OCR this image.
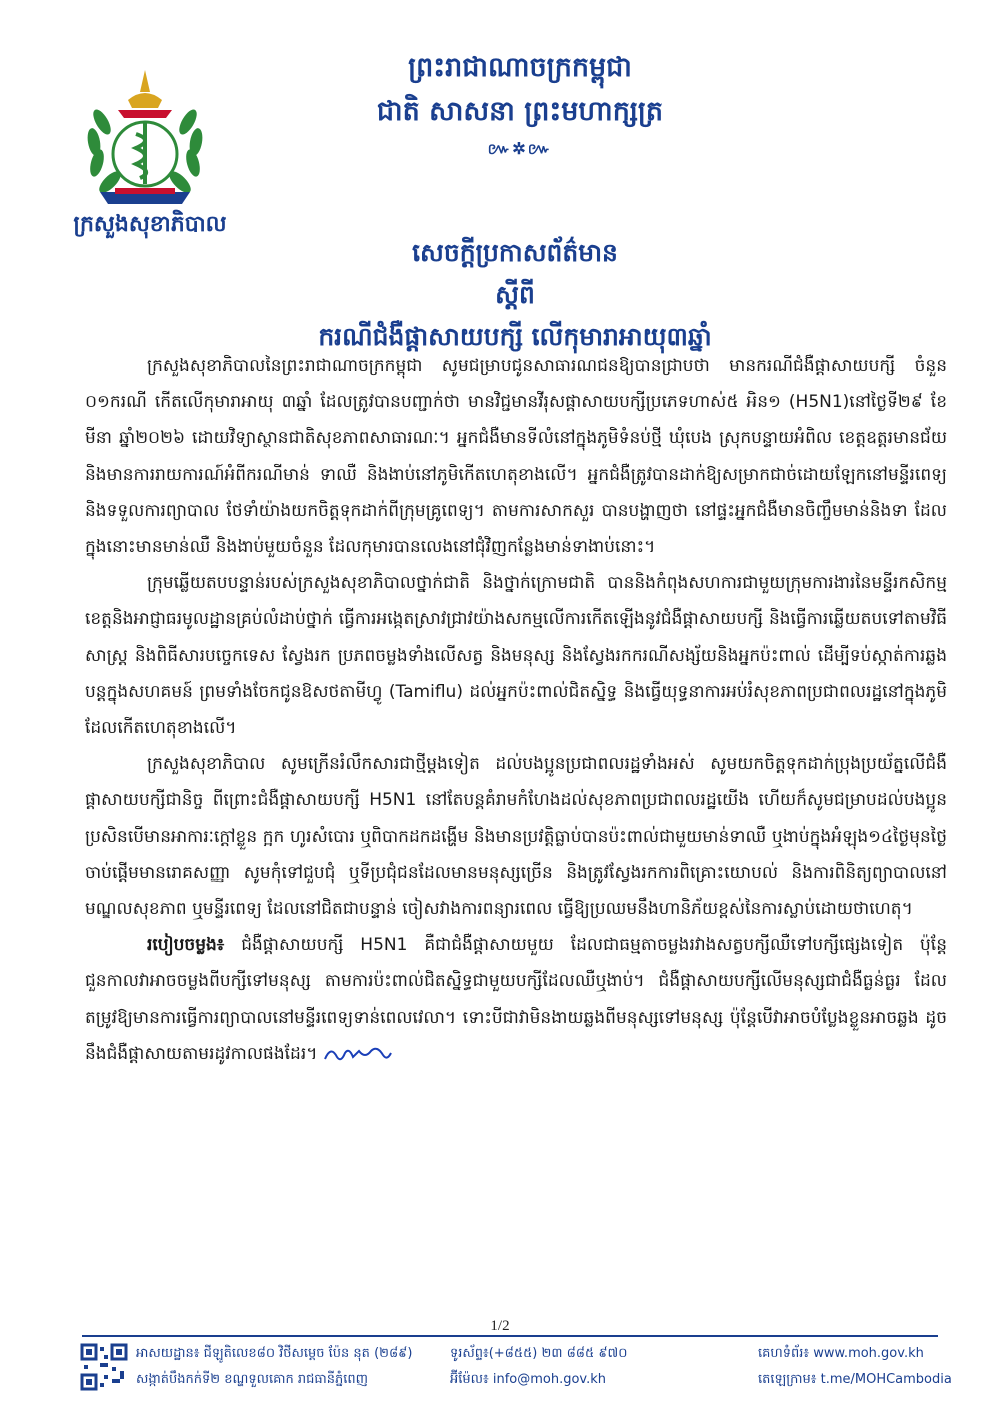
ក្រសួងសុខាភិបាល
ព្រះរាជាណាចក្រកម្ពុជា
ជាតិ សាសនា ព្រះមហាក្សត្រ
៚✲៚
សេចក្តីប្រកាសព័ត៌មាន
ស្តីពី
ករណីជំងឺផ្តាសាយបក្សី លើកុមារាអាយុ៣ឆ្នាំ

ក្រសួងសុខាភិបាលនៃព្រះរាជាណាចក្រកម្ពុជា សូមជម្រាបជូនសាធារណជនឱ្យបានជ្រាបថា មានករណីជំងឺផ្តាសាយបក្សី ចំនួន ០១ករណី កើតលើកុមារាអាយុ ៣ឆ្នាំ ដែលត្រូវបានបញ្ជាក់ថា មានវិជ្ជមានវីរុសផ្តាសាយបក្សីប្រភេទហាស់៥ អិន១ (H5N1)នៅថ្ងៃទី២៩ ខែមីនា ឆ្នាំ២០២៦ ដោយវិទ្យាស្ថានជាតិសុខភាពសាធារណៈ។ អ្នកជំងឺមានទីលំនៅក្នុងភូមិទំនប់ថ្មី ឃុំបេង ស្រុកបន្ទាយអំពិល ខេត្តឧត្តរមានជ័យ និងមានការរាយការណ៍អំពីករណីមាន់ ទាឈឺ និងងាប់នៅភូមិកើតហេតុខាងលើ។ អ្នកជំងឺត្រូវបានដាក់ឱ្យសម្រាកជាច់ដោយឡែកនៅមន្ទីរពេទ្យ និងទទួលការព្យាបាល ថែទាំយ៉ាងយកចិត្តទុកដាក់ពីក្រុមគ្រូពេទ្យ។ តាមការសាកសួរ បានបង្ហាញថា នៅផ្ទះអ្នកជំងឺមានចិញ្ចឹមមាន់និងទា ដែលក្នុងនោះមានមាន់ឈឺ និងងាប់មួយចំនួន ដែលកុមារបានលេងនៅជុំវិញកន្លែងមាន់ទាងាប់នោះ។

ក្រុមឆ្លើយតបបន្ទាន់របស់ក្រសួងសុខាភិបាលថ្នាក់ជាតិ និងថ្នាក់ក្រោមជាតិ បាននិងកំពុងសហការជាមួយក្រុមការងារនៃមន្ទីរកសិកម្មខេត្តនិងអាជ្ញាធរមូលដ្ឋានគ្រប់លំដាប់ថ្នាក់ ធ្វើការអង្កេតស្រាវជ្រាវយ៉ាងសកម្មលើការកើតឡើងនូវជំងឺផ្តាសាយបក្សី និងធ្វើការឆ្លើយតបទៅតាមវិធីសាស្ត្រ និងពិធីសារបច្ចេកទេស ស្វែងរក ប្រភពចម្លងទាំងលើសត្វ និងមនុស្ស និងស្វែងរកករណីសង្ស័យនិងអ្នកប៉ះពាល់ ដើម្បីទប់ស្កាត់ការឆ្លងបន្តក្នុងសហគមន៍ ព្រមទាំងចែកជូនឱសថតាមីហ្វូ (Tamiflu) ដល់អ្នកប៉ះពាល់ជិតស្និទ្ធ និងធ្វើយុទ្ធនាការអប់រំសុខភាពប្រជាពលរដ្ឋនៅក្នុងភូមិដែលកើតហេតុខាងលើ។

ក្រសួងសុខាភិបាល សូមក្រើនរំលឹកសារជាថ្មីម្តងទៀត ដល់បងប្អូនប្រជាពលរដ្ឋទាំងអស់ សូមយកចិត្តទុកដាក់ប្រុងប្រយ័ត្នលើជំងឺផ្តាសាយបក្សីជានិច្ច ពីព្រោះជំងឺផ្តាសាយបក្សី H5N1 នៅតែបន្តគំរាមកំហែងដល់សុខភាពប្រជាពលរដ្ឋយើង ហើយក៏សូមជម្រាបដល់បងប្អូន ប្រសិនបើមានអាការៈក្តៅខ្លួន ក្អក ហូរសំបោរ ឬពិបាកដកដង្ហើម និងមានប្រវត្តិធ្លាប់បានប៉ះពាល់ជាមួយមាន់ទាឈឺ ឬងាប់ក្នុងអំឡុង១៤ថ្ងៃមុនថ្ងៃចាប់ផ្តើមមានរោគសញ្ញា សូមកុំទៅជួបជុំ ឬទីប្រជុំជនដែលមានមនុស្សច្រើន និងត្រូវស្វែងរកការពិគ្រោះយោបល់ និងការពិនិត្យព្យាបាលនៅមណ្ឌលសុខភាព ឬមន្ទីរពេទ្យ ដែលនៅជិតជាបន្ទាន់ ចៀសវាងការពន្យារពេល ធ្វើឱ្យប្រឈមនឹងហានិភ័យខ្ពស់នៃការស្លាប់ដោយថាហេតុ។

របៀបចម្លង៖ ជំងឺផ្តាសាយបក្សី H5N1 គឺជាជំងឺផ្តាសាយមួយ ដែលជាធម្មតាចម្លងរវាងសត្វបក្សីឈឺទៅបក្សីផ្សេងទៀត ប៉ុន្តែជួនកាលវាអាចចម្លងពីបក្សីទៅមនុស្ស តាមការប៉ះពាល់ជិតស្និទ្ធជាមួយបក្សីដែលឈឺឬងាប់។ ជំងឺផ្តាសាយបក្សីលើមនុស្សជាជំងឺធ្ងន់ធ្ងរ ដែលតម្រូវឱ្យមានការធ្វើការព្យាបាលនៅមន្ទីរពេទ្យទាន់ពេលវេលា។ ទោះបីជាវាមិនងាយឆ្លងពីមនុស្សទៅមនុស្ស ប៉ុន្តែបើវាអាចបំប្លែងខ្លួនអាចឆ្លង ដូចនឹងជំងឺផ្តាសាយតាមរដូវកាលផងដែរ។

1/2
អាសយដ្ឋាន៖ ជីឡូតិលេខ៨០ វិថីសម្តេច ប៉ែន នុត (២៨៩)
សង្កាត់បឹងកក់ទី២ ខណ្ឌទួលគោក រាជធានីភ្នំពេញ
ទូរស័ព្ទ៖(+៨៥៥) ២៣ ៨៨៥ ៩៧០
អ៊ីម៉ែល៖ info@moh.gov.kh
គេហទំព័រ៖ www.moh.gov.kh
តេឡេក្រាម៖ t.me/MOHCambodia
